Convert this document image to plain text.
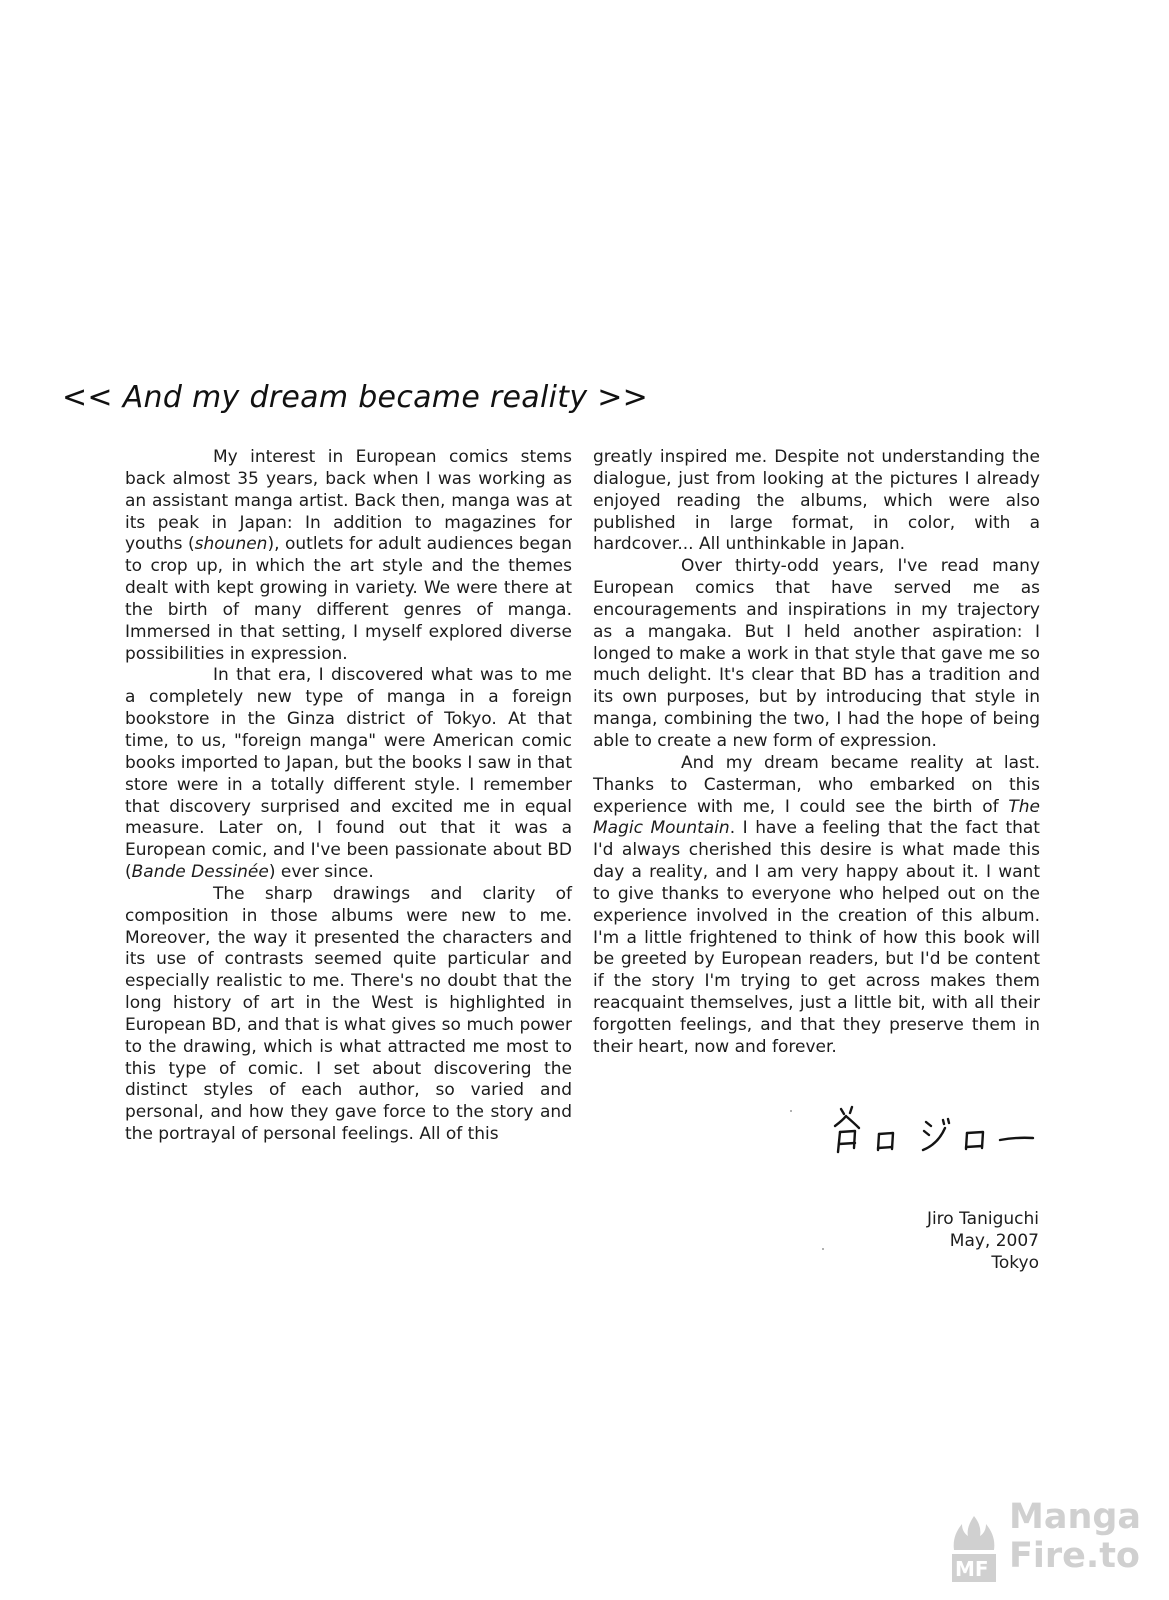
<< And my dream became reality >>

My interest in European comics stems back almost 35 years, back when I was working as an assistant manga artist. Back then, manga was at its peak in Japan: In addition to magazines for youths (shounen), outlets for adult audiences began to crop up, in which the art style and the themes dealt with kept growing in variety. We were there at the birth of many different genres of manga. Immersed in that setting, I myself explored diverse possibilities in expression.

In that era, I discovered what was to me a completely new type of manga in a foreign bookstore in the Ginza district of Tokyo. At that time, to us, "foreign manga" were American comic books imported to Japan, but the books I saw in that store were in a totally different style. I remember that discovery surprised and excited me in equal measure. Later on, I found out that it was a European comic, and I've been passionate about BD (Bande Dessinée) ever since.

The sharp drawings and clarity of composition in those albums were new to me. Moreover, the way it presented the characters and its use of contrasts seemed quite particular and especially realistic to me. There's no doubt that the long history of art in the West is highlighted in European BD, and that is what gives so much power to the drawing, which is what attracted me most to this type of comic. I set about discovering the distinct styles of each author, so varied and personal, and how they gave force to the story and the portrayal of personal feelings. All of this

greatly inspired me. Despite not understanding the dialogue, just from looking at the pictures I already enjoyed reading the albums, which were also published in large format, in color, with a hardcover... All unthinkable in Japan.

Over thirty-odd years, I've read many European comics that have served me as encouragements and inspirations in my trajectory as a mangaka. But I held another aspiration: I longed to make a work in that style that gave me so much delight. It's clear that BD has a tradition and its own purposes, but by introducing that style in manga, combining the two, I had the hope of being able to create a new form of expression.

And my dream became reality at last. Thanks to Casterman, who embarked on this experience with me, I could see the birth of The Magic Mountain. I have a feeling that the fact that I'd always cherished this desire is what made this day a reality, and I am very happy about it. I want to give thanks to everyone who helped out on the experience involved in the creation of this album. I'm a little frightened to think of how this book will be greeted by European readers, but I'd be content if the story I'm trying to get across makes them reacquaint themselves, just a little bit, with all their forgotten feelings, and that they preserve them in their heart, now and forever.

Jiro Taniguchi
May, 2007
Tokyo
MF
Manga
Fire.to
